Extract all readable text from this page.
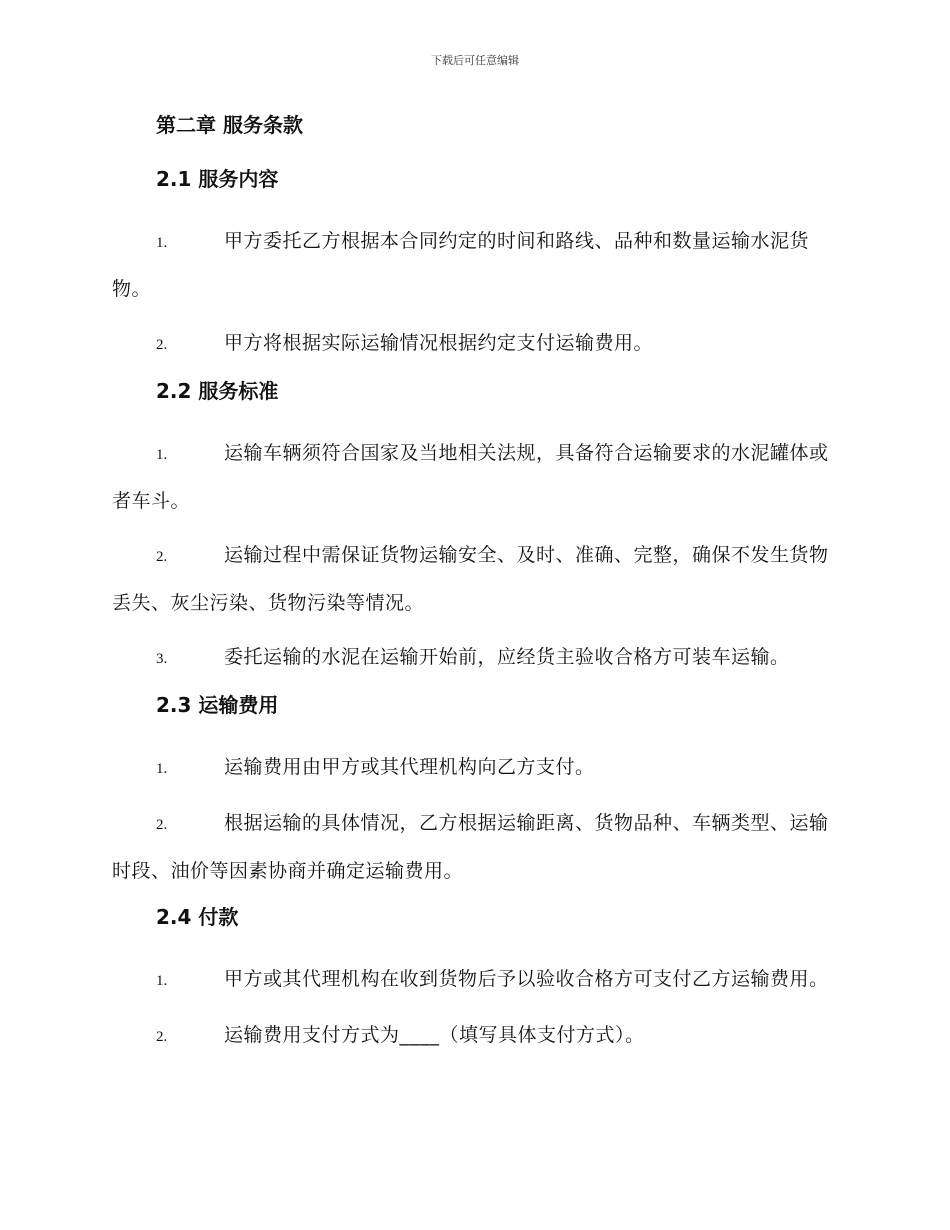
下载后可任意编辑
第二章 服务条款
2.1 服务内容

1.	甲方委托乙方根据本合同约定的时间和路线、品种和数量运输水泥货物。

2.	甲方将根据实际运输情况根据约定支付运输费用。

2.2 服务标准

1.	运输车辆须符合国家及当地相关法规，具备符合运输要求的水泥罐体或者车斗。

2.	运输过程中需保证货物运输安全、及时、准确、完整，确保不发生货物丢失、灰尘污染、货物污染等情况。

3.	委托运输的水泥在运输开始前，应经货主验收合格方可装车运输。

2.3 运输费用

1.	运输费用由甲方或其代理机构向乙方支付。

2.	根据运输的具体情况，乙方根据运输距离、货物品种、车辆类型、运输时段、油价等因素协商并确定运输费用。

2.4 付款

1.	甲方或其代理机构在收到货物后予以验收合格方可支付乙方运输费用。

2.	运输费用支付方式为____（填写具体支付方式）。
